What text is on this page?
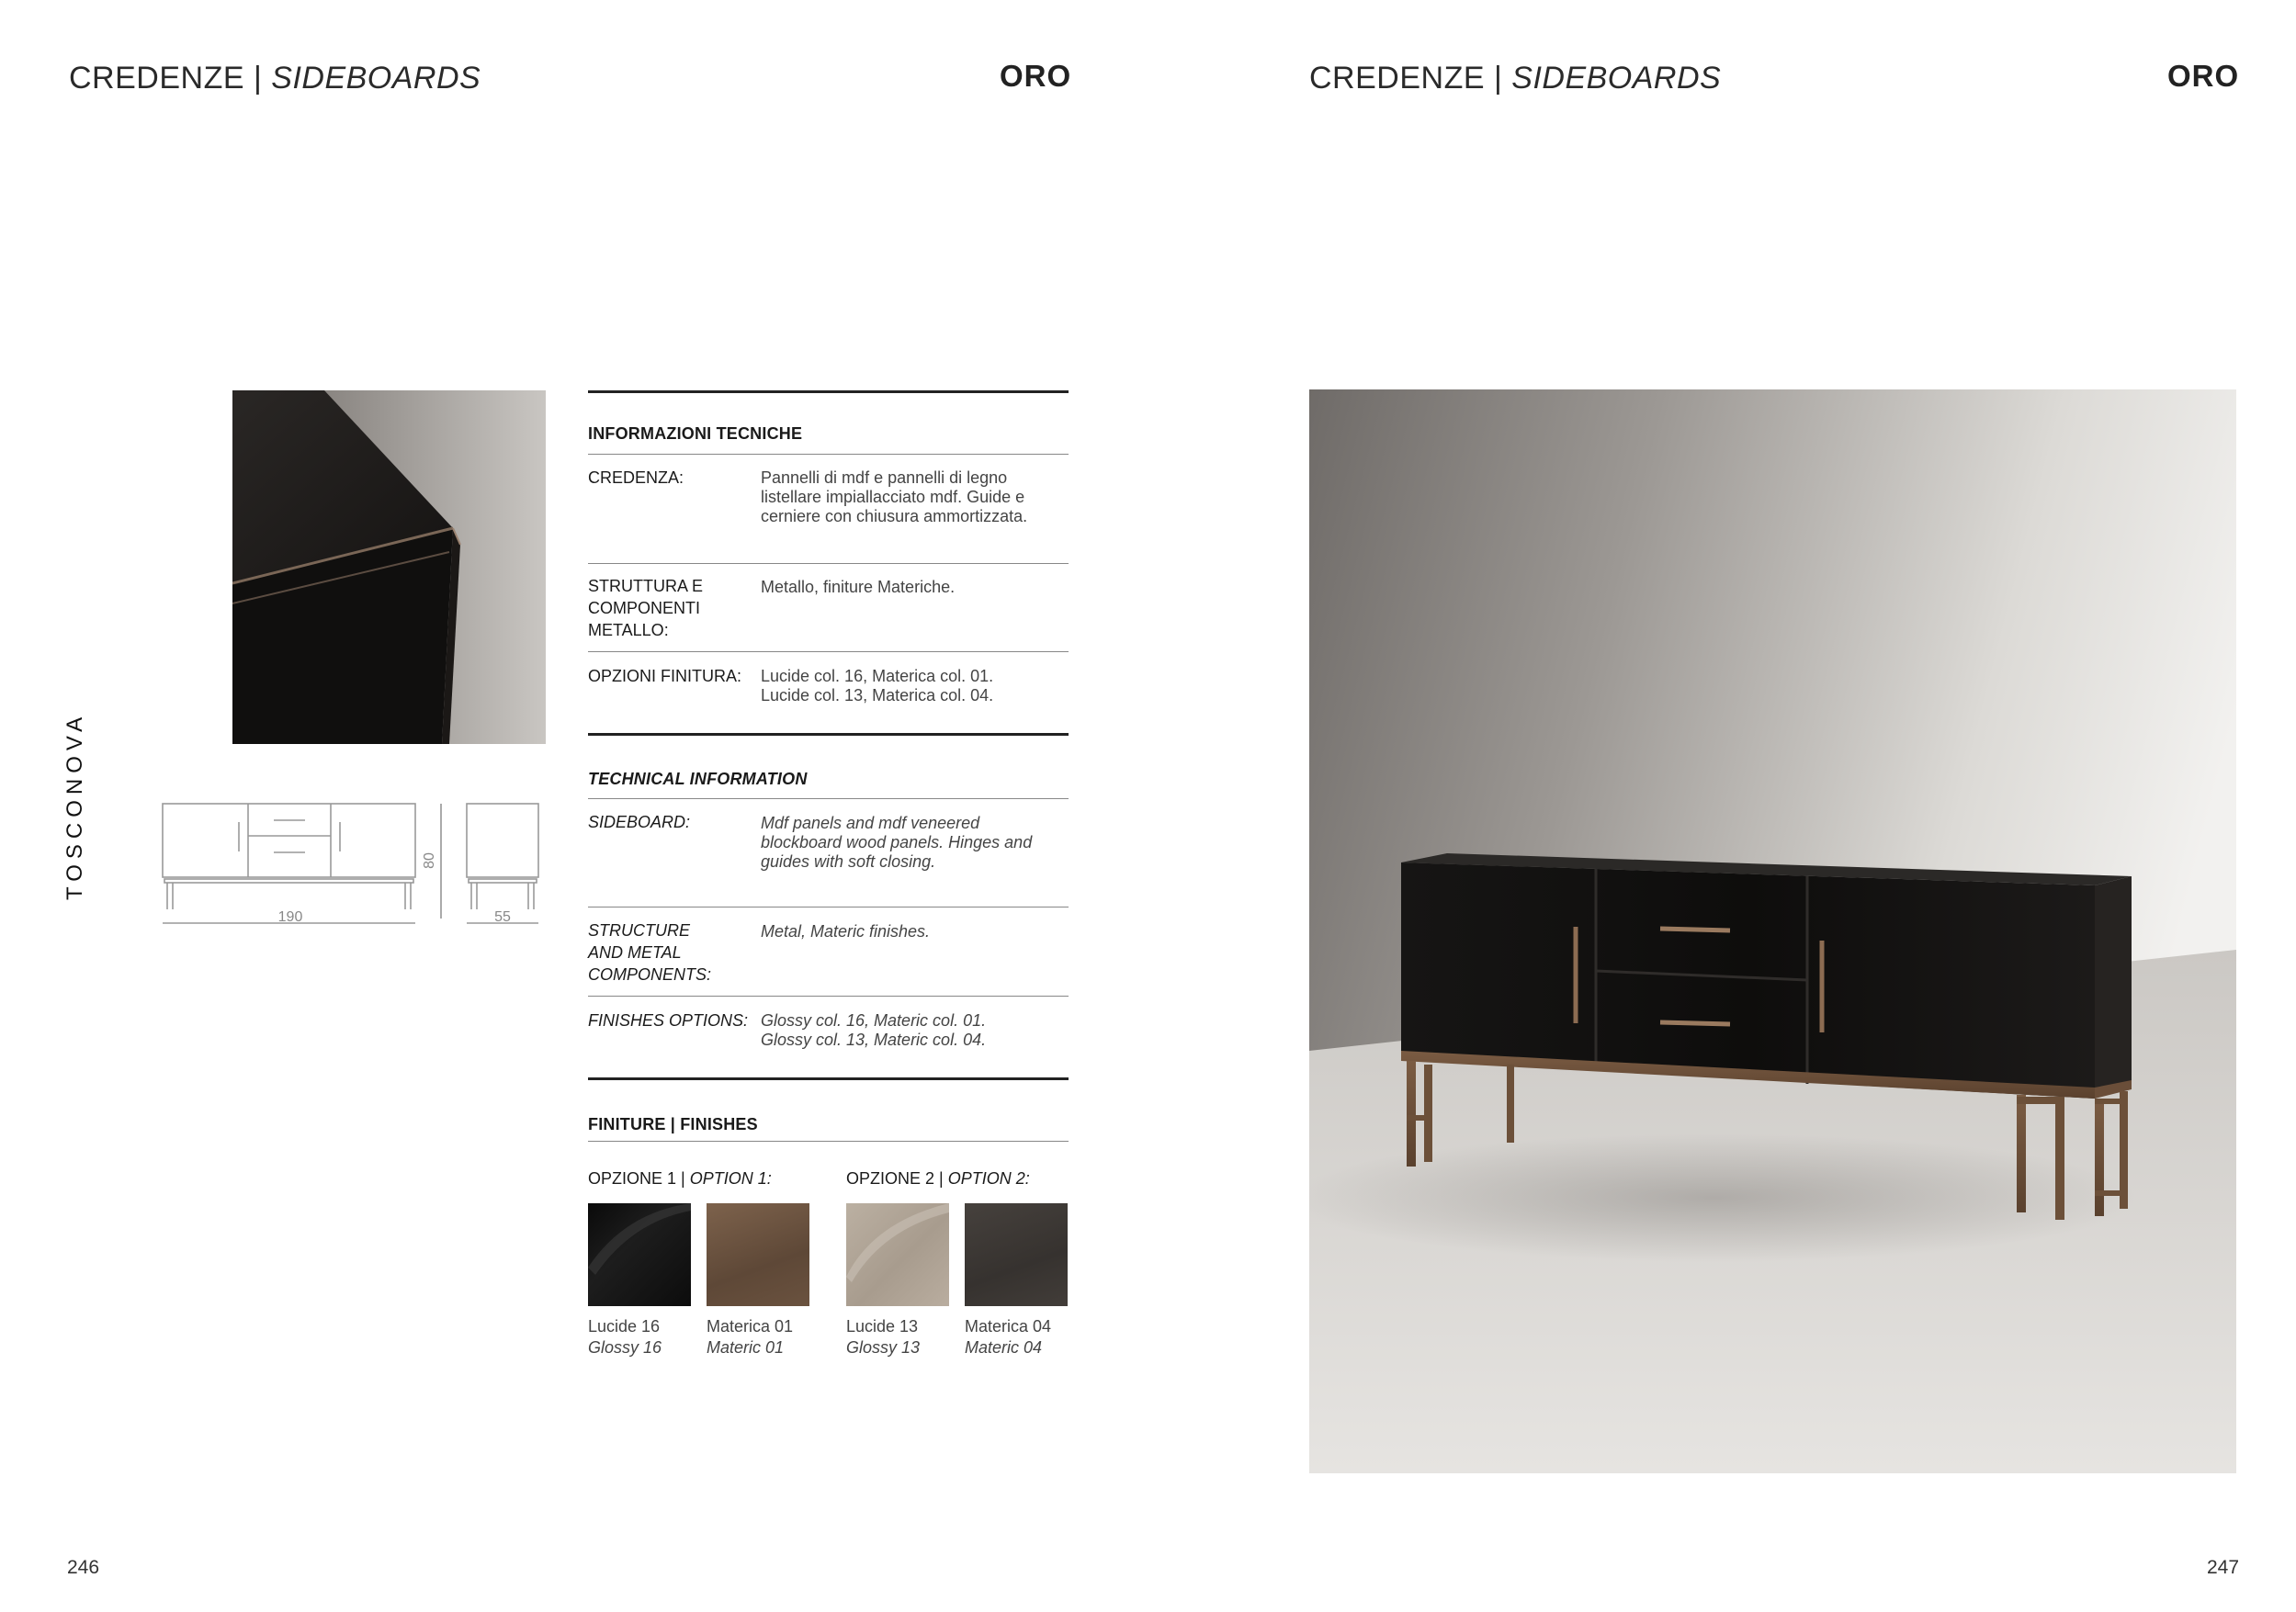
CREDENZE | SIDEBOARDS	ORO
TOSCONOVA
190	55
80
INFORMAZIONI TECNICHE
CREDENZA:	Pannelli di mdf e pannelli di legno listellare impiallacciato mdf. Guide e cerniere con chiusura ammortizzata.
STRUTTURA E COMPONENTI METALLO:
Metallo, finiture Materiche.
OPZIONI FINITURA:	Lucide col. 16, Materica col. 01. Lucide col. 13, Materica col. 04.
TECHNICAL INFORMATION
SIDEBOARD:	Mdf panels and mdf veneered blockboard wood panels. Hinges and guides with soft closing.
STRUCTURE AND METAL COMPONENTS:
Metal, Materic finishes.
FINISHES OPTIONS: Glossy col. 16, Materic col. 01. Glossy col. 13, Materic col. 04.
FINITURE | FINISHES
OPZIONE 1 | OPTION 1:	OPZIONE 2 | OPTION 2:
Lucide 16
Glossy 16
Materica 01
Materic 01
Lucide 13
Glossy 13
Materica 04
Materic 04
246
CREDENZE | SIDEBOARDS	ORO
247
